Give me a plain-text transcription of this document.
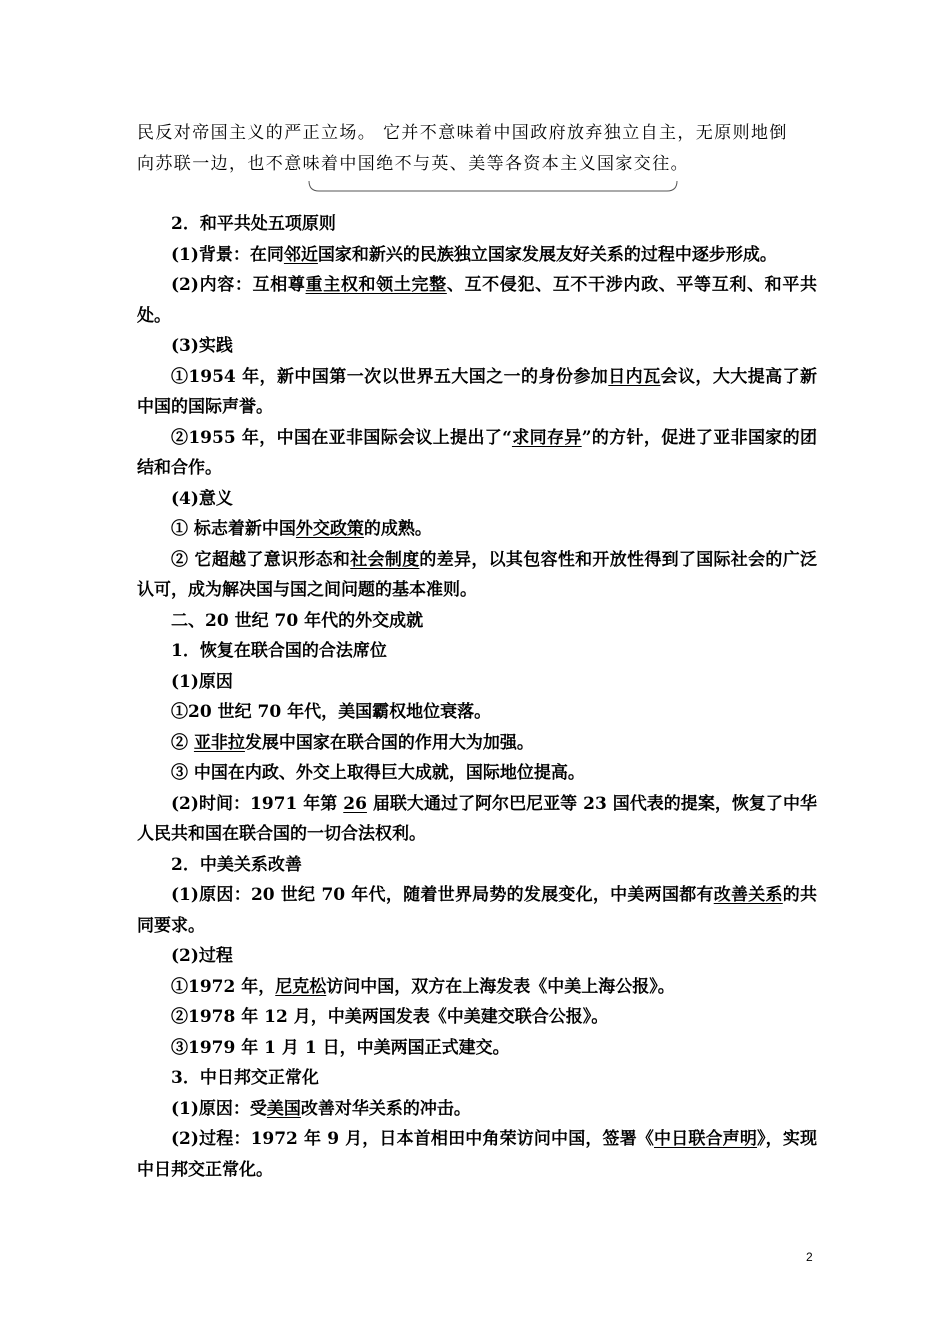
民反对帝国主义的严正立场。 它并不意味着中国政府放弃独立自主，无原则地倒

向苏联一边，也不意味着中国绝不与英、美等各资本主义国家交往。

2．和平共处五项原则

(1)背景：在同邻近国家和新兴的民族独立国家发展友好关系的过程中逐步形成。

(2)内容：互相尊重主权和领土完整、互不侵犯、互不干涉内政、平等互利、和平共处。

(3)实践

①1954 年，新中国第一次以世界五大国之一的身份参加日内瓦会议，大大提高了新中国的国际声誉。

②1955 年，中国在亚非国际会议上提出了“求同存异”的方针，促进了亚非国家的团结和合作。

(4)意义

① 标志着新中国外交政策的成熟。

② 它超越了意识形态和社会制度的差异，以其包容性和开放性得到了国际社会的广泛认可，成为解决国与国之间问题的基本准则。

二、20 世纪 70 年代的外交成就

1．恢复在联合国的合法席位

(1)原因

①20 世纪 70 年代，美国霸权地位衰落。

② 亚非拉发展中国家在联合国的作用大为加强。

③ 中国在内政、外交上取得巨大成就，国际地位提高。

(2)时间：1971 年第 26 届联大通过了阿尔巴尼亚等 23 国代表的提案，恢复了中华人民共和国在联合国的一切合法权利。

2．中美关系改善

(1)原因：20 世纪 70 年代，随着世界局势的发展变化，中美两国都有改善关系的共同要求。

(2)过程

①1972 年，尼克松访问中国，双方在上海发表《中美上海公报》。

②1978 年 12 月，中美两国发表《中美建交联合公报》。

③1979 年 1 月 1 日，中美两国正式建交。

3．中日邦交正常化

(1)原因：受美国改善对华关系的冲击。

(2)过程：1972 年 9 月，日本首相田中角荣访问中国，签署《中日联合声明》，实现中日邦交正常化。

2
